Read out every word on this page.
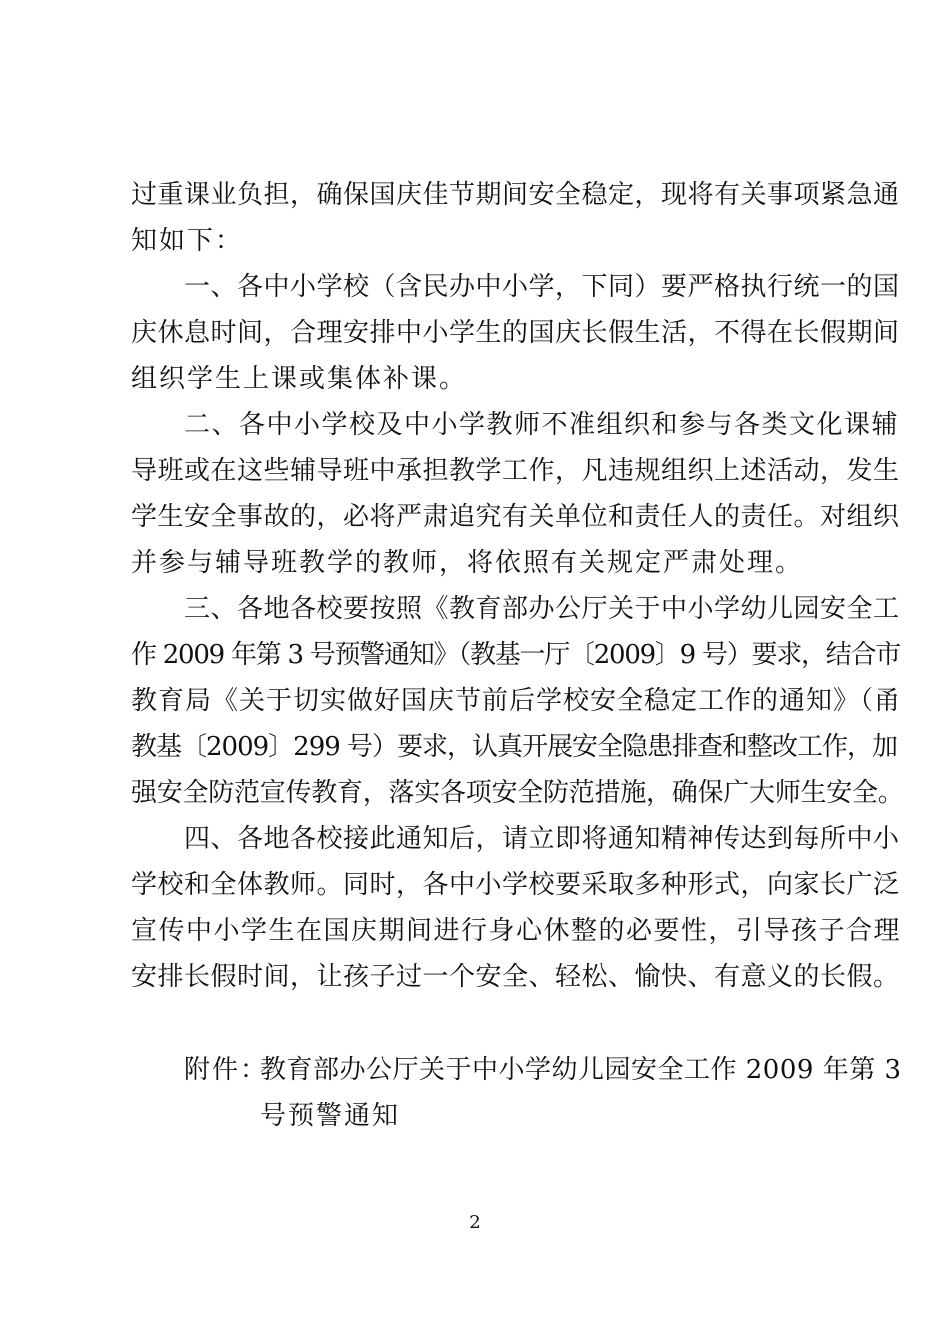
过重课业负担，确保国庆佳节期间安全稳定，现将有关事项紧急通
知如下：
一、各中小学校（含民办中小学，下同）要严格执行统一的国
庆休息时间，合理安排中小学生的国庆长假生活，不得在长假期间
组织学生上课或集体补课。
二、各中小学校及中小学教师不准组织和参与各类文化课辅
导班或在这些辅导班中承担教学工作，凡违规组织上述活动，发生
学生安全事故的，必将严肃追究有关单位和责任人的责任。对组织
并参与辅导班教学的教师，将依照有关规定严肃处理。
三、各地各校要按照《教育部办公厅关于中小学幼儿园安全工
作 2009 年第 3 号预警通知》（教基一厅〔2009〕9 号）要求，结合市
教育局《关于切实做好国庆节前后学校安全稳定工作的通知》（甬
教基〔2009〕299 号）要求，认真开展安全隐患排查和整改工作，加
强安全防范宣传教育，落实各项安全防范措施，确保广大师生安全。
四、各地各校接此通知后，请立即将通知精神传达到每所中小
学校和全体教师。同时，各中小学校要采取多种形式，向家长广泛
宣传中小学生在国庆期间进行身心休整的必要性，引导孩子合理
安排长假时间，让孩子过一个安全、轻松、愉快、有意义的长假。
附件：
教育部办公厅关于中小学幼儿园安全工作 2009 年第 3
号预警通知
2
